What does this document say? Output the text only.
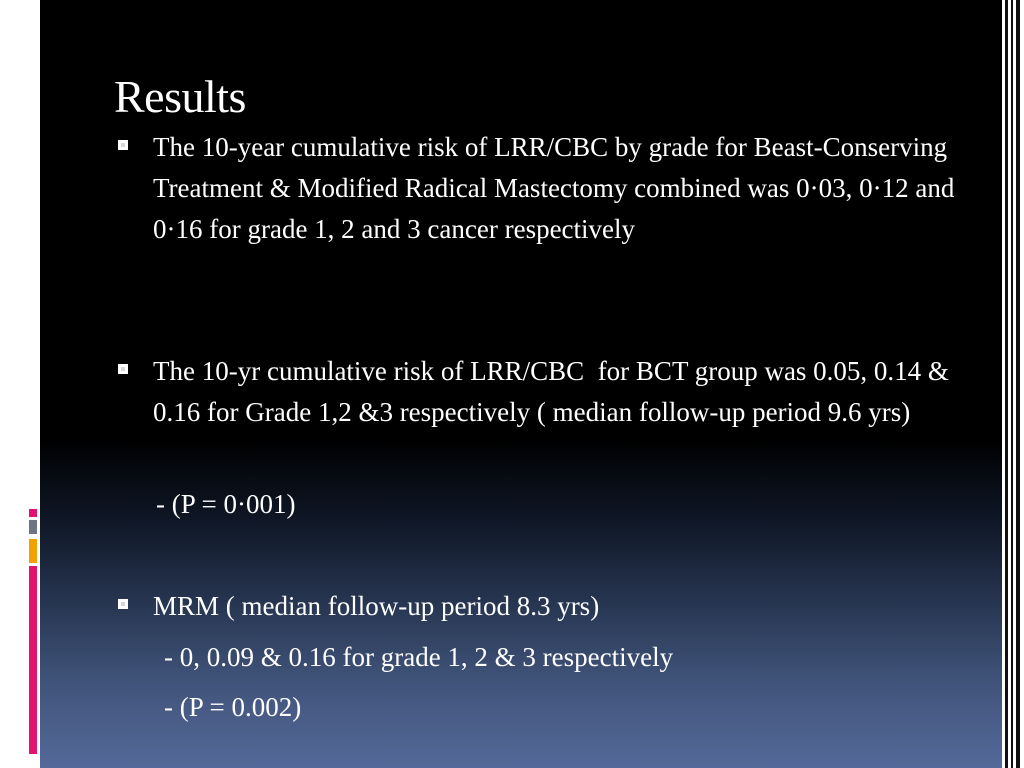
Results
The 10-year cumulative risk of LRR/CBC by grade for Beast-Conserving Treatment & Modified Radical Mastectomy combined was 0·03, 0·12 and 0·16 for grade 1, 2 and 3 cancer respectively
The 10-yr cumulative risk of LRR/CBC  for BCT group was 0.05, 0.14 & 0.16 for Grade 1,2 &3 respectively ( median follow-up period 9.6 yrs)
- (P = 0·001)
MRM ( median follow-up period 8.3 yrs)
- 0, 0.09 & 0.16 for grade 1, 2 & 3 respectively
- (P = 0.002)
